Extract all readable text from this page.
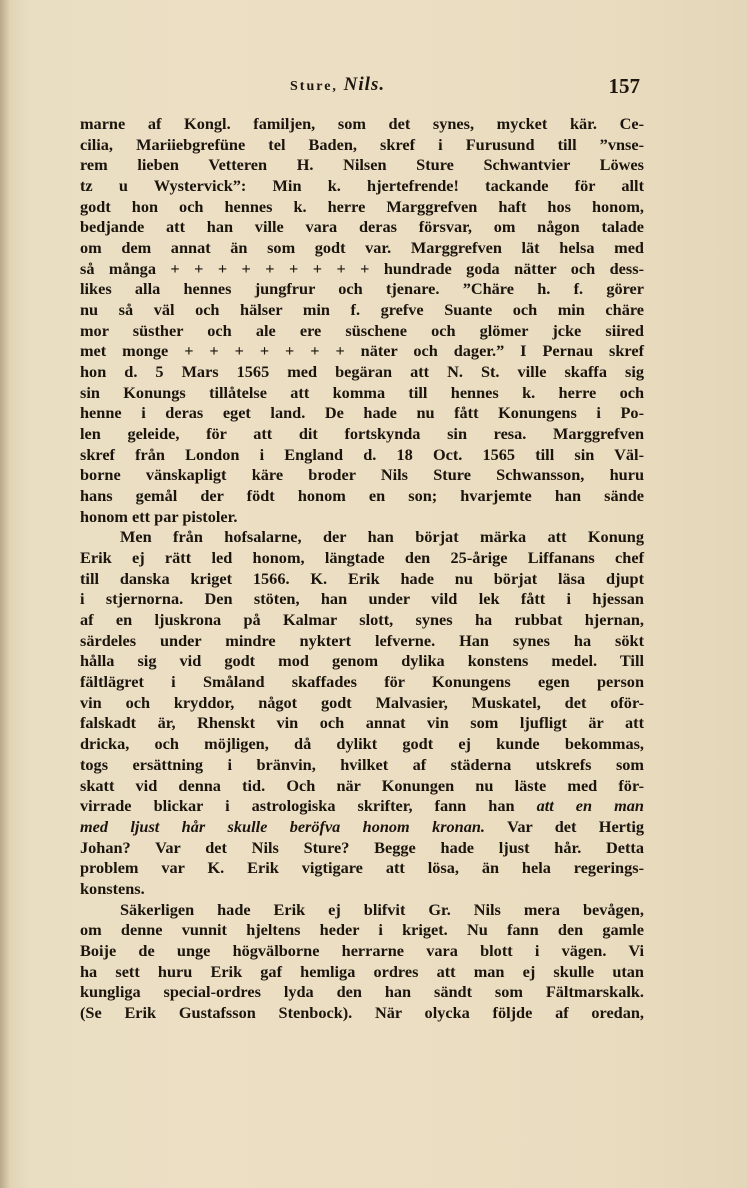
Sture, Nils.	157
marne af Kongl. familjen, som det synes, mycket kär. Ce-
cilia, Mariiebgrefüne tel Baden, skref i Furusund till ”vnse-
rem lieben Vetteren H. Nilsen Sture Schwantvier Löwes
tz u Wystervick”: Min k. hjertefrende! tackande för allt
godt hon och hennes k. herre Marggrefven haft hos honom,
bedjande att han ville vara deras försvar, om någon talade
om dem annat än som godt var. Marggrefven lät helsa med
så många + + + + + + + + + hundrade goda nätter och dess-
likes alla hennes jungfrur och tjenare. ”Chäre h. f. görer
nu så väl och hälser min f. grefve Suante och min chäre
mor süsther och ale ere süschene och glömer jcke siired
met monge + + + + + + + näter och dager.” I Pernau skref
hon d. 5 Mars 1565 med begäran att N. St. ville skaffa sig
sin Konungs tillåtelse att komma till hennes k. herre och
henne i deras eget land. De hade nu fått Konungens i Po-
len geleide, för att dit fortskynda sin resa. Marggrefven
skref från London i England d. 18 Oct. 1565 till sin Väl-
borne vänskapligt käre broder Nils Sture Schwansson, huru
hans gemål der födt honom en son; hvarjemte han sände
honom ett par pistoler.
Men från hofsalarne, der han börjat märka att Konung
Erik ej rätt led honom, längtade den 25-årige Liffanans chef
till danska kriget 1566. K. Erik hade nu börjat läsa djupt
i stjernorna. Den stöten, han under vild lek fått i hjessan
af en ljuskrona på Kalmar slott, synes ha rubbat hjernan,
särdeles under mindre nyktert lefverne. Han synes ha sökt
hålla sig vid godt mod genom dylika konstens medel. Till
fältlägret i Småland skaffades för Konungens egen person
vin och kryddor, något godt Malvasier, Muskatel, det oför-
falskadt är, Rhenskt vin och annat vin som ljufligt är att
dricka, och möjligen, då dylikt godt ej kunde bekommas,
togs ersättning i bränvin, hvilket af städerna utskrefs som
skatt vid denna tid. Och när Konungen nu läste med för-
virrade blickar i astrologiska skrifter, fann han att en man
med ljust hår skulle beröfva honom kronan. Var det Hertig
Johan? Var det Nils Sture? Begge hade ljust hår. Detta
problem var K. Erik vigtigare att lösa, än hela regerings-
konstens.
Säkerligen hade Erik ej blifvit Gr. Nils mera bevågen,
om denne vunnit hjeltens heder i kriget. Nu fann den gamle
Boije de unge högvälborne herrarne vara blott i vägen. Vi
ha sett huru Erik gaf hemliga ordres att man ej skulle utan
kungliga special-ordres lyda den han sändt som Fältmarskalk.
(Se Erik Gustafsson Stenbock). När olycka följde af oredan,
